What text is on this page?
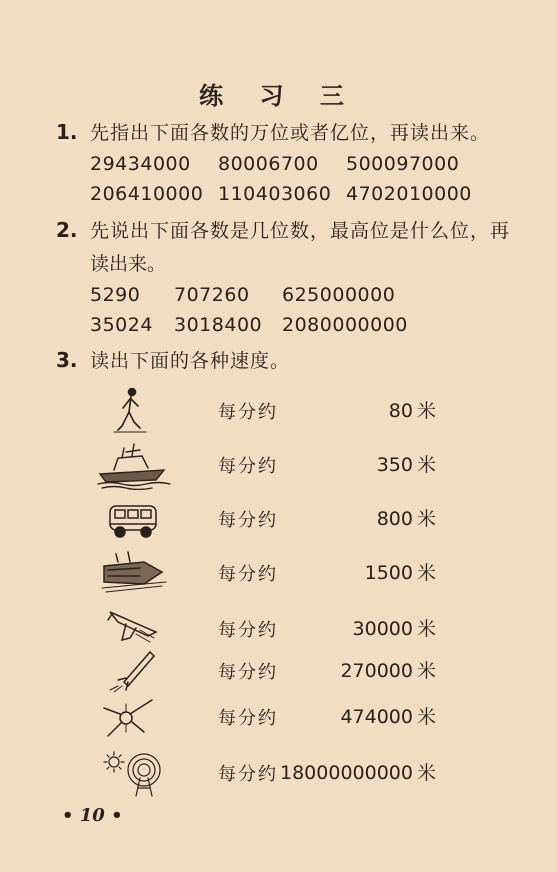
练 习 三
1. 先指出下面各数的万位或者亿位，再读出来。
29434000	80006700	500097000
206410000 110403060 4702010000
2. 先说出下面各数是几位数，最高位是什么位，再
读出来。
5290	707260	625000000
35024	3018400	2080000000
3. 读出下面的各种速度。
每分约	80 米
每分约	350 米
每分约	800 米
每分约	1500 米
每分约	30000 米
每分约	270000 米
每分约	474000 米
每分约 18000000000 米
• 10 •
